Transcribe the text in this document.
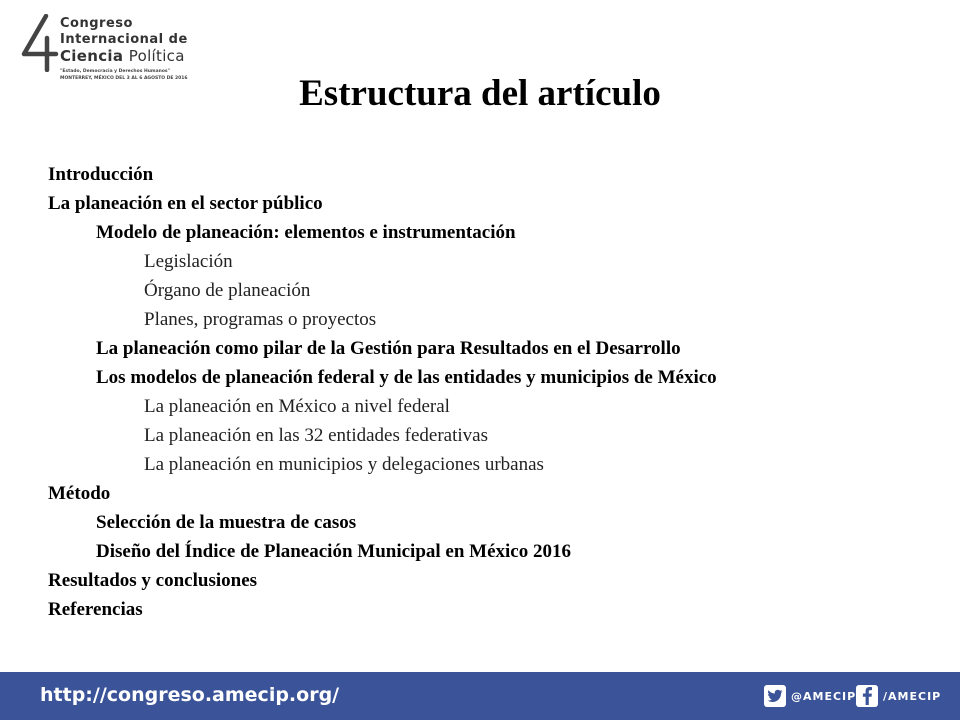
Congreso
Internacional de
Ciencia Política
"Estado, Democracia y Derechos Humanos"
MONTERREY, MÉXICO DEL 3 AL 6 AGOSTO DE 2016	Estructura del artículo
Introducción
La planeación en el sector público
Modelo de planeación: elementos e instrumentación
Legislación
Órgano de planeación
Planes, programas o proyectos
La planeación como pilar de la Gestión para Resultados en el Desarrollo
Los modelos de planeación federal y de las entidades y municipios de México
La planeación en México a nivel federal
La planeación en las 32 entidades federativas
La planeación en municipios y delegaciones urbanas
Método
Selección de la muestra de casos
Diseño del Índice de Planeación Municipal en México 2016
Resultados y conclusiones
Referencias
http://congreso.amecip.org/	@AMECIP /AMECIP
